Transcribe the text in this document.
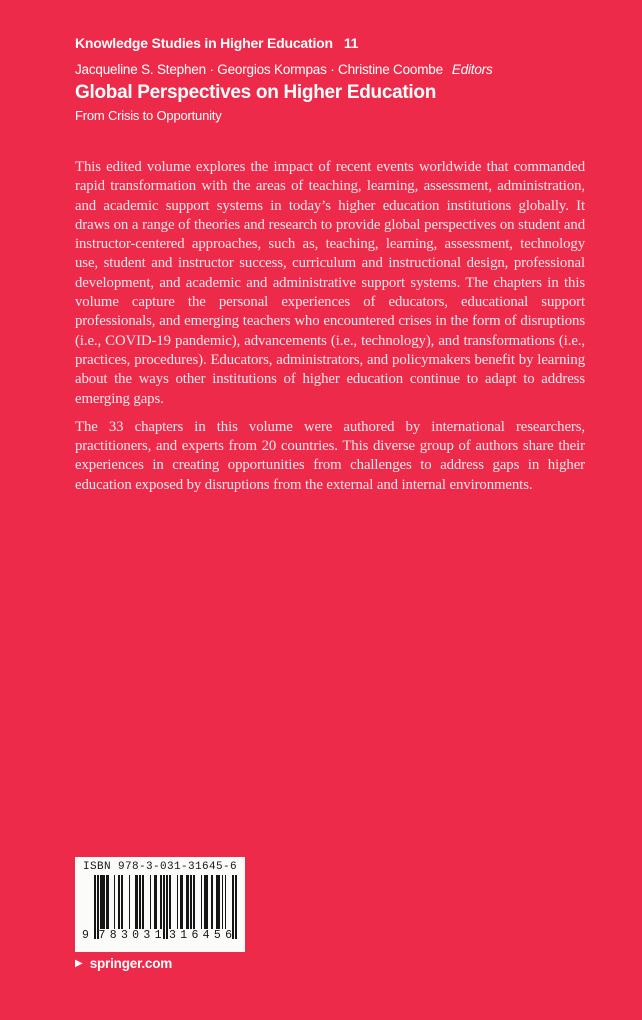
Knowledge Studies in Higher Education 11
Jacqueline S. Stephen · Georgios Kormpas · Christine Coombe Editors
Global Perspectives on Higher Education
From Crisis to Opportunity

This edited volume explores the impact of recent events worldwide that commanded rapid transformation with the areas of teaching, learning, assessment, administration, and academic support systems in today’s higher education institutions globally. It draws on a range of theories and research to provide global perspectives on student and instructor-centered approaches, such as, teaching, learning, assessment, technology use, student and instructor success, curriculum and instructional design, professional development, and academic and administrative support systems. The chapters in this volume capture the personal experiences of educators, educational support professionals, and emerging teachers who encountered crises in the form of disruptions (i.e., COVID-19 pandemic), advancements (i.e., technology), and transformations (i.e., practices, procedures). Educators, administrators, and policymakers benefit by learning about the ways other institutions of higher education continue to adapt to address emerging gaps.

The 33 chapters in this volume were authored by international researchers, practitioners, and experts from 20 countries. This diverse group of authors share their experiences in creating opportunities from challenges to address gaps in higher education exposed by disruptions from the external and internal environments.

ISBN 978-3-031-31645-6
9 7 8 3 0 3 1 3 1 6 4 5 6
▶ springer.com
